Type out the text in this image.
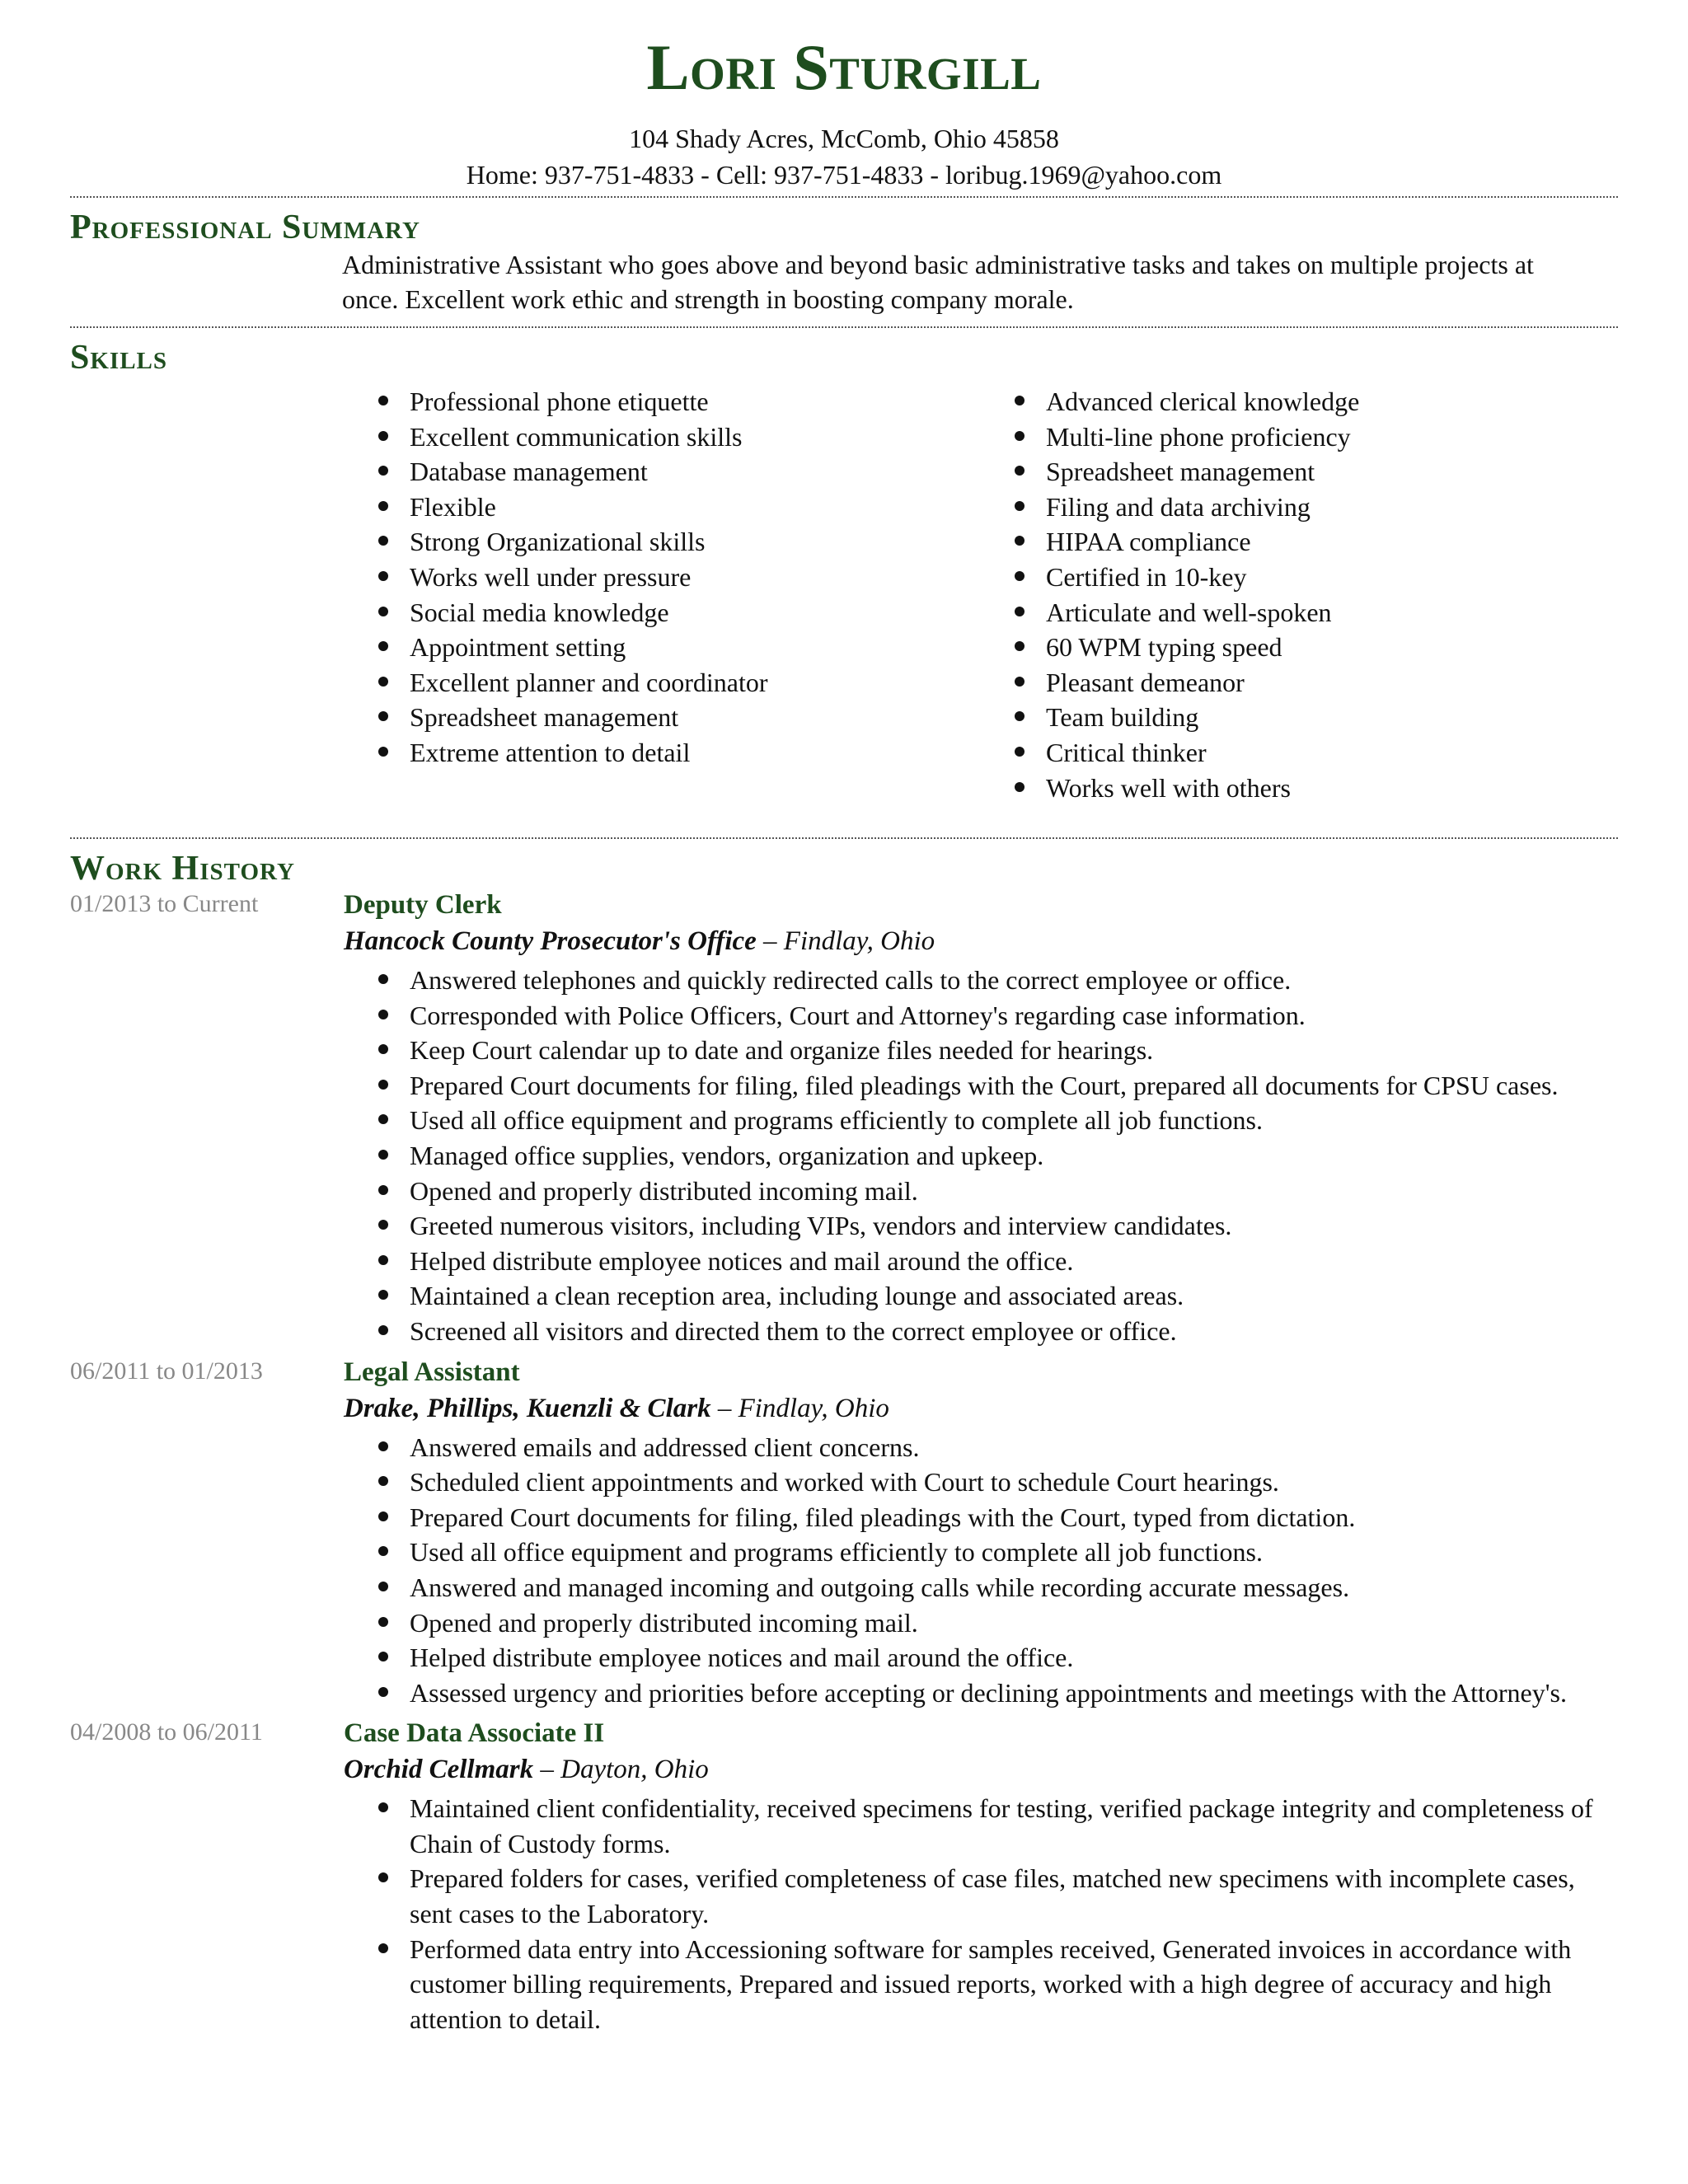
Lori Sturgill
104 Shady Acres, McComb, Ohio 45858
Home: 937-751-4833 - Cell: 937-751-4833 - loribug.1969@yahoo.com
Professional Summary
Administrative Assistant who goes above and beyond basic administrative tasks and takes on multiple projects at once. Excellent work ethic and strength in boosting company morale.
Skills
Professional phone etiquette
Excellent communication skills
Database management
Flexible
Strong Organizational skills
Works well under pressure
Social media knowledge
Appointment setting
Excellent planner and coordinator
Spreadsheet management
Extreme attention to detail
Advanced clerical knowledge
Multi-line phone proficiency
Spreadsheet management
Filing and data archiving
HIPAA compliance
Certified in 10-key
Articulate and well-spoken
60 WPM typing speed
Pleasant demeanor
Team building
Critical thinker
Works well with others
Work History
01/2013 to Current	Deputy Clerk
Hancock County Prosecutor's Office – Findlay, Ohio
Answered telephones and quickly redirected calls to the correct employee or office.
Corresponded with Police Officers, Court and Attorney's regarding case information.
Keep Court calendar up to date and organize files needed for hearings.
Prepared Court documents for filing, filed pleadings with the Court, prepared all documents for CPSU cases.
Used all office equipment and programs efficiently to complete all job functions.
Managed office supplies, vendors, organization and upkeep.
Opened and properly distributed incoming mail.
Greeted numerous visitors, including VIPs, vendors and interview candidates.
Helped distribute employee notices and mail around the office.
Maintained a clean reception area, including lounge and associated areas.
Screened all visitors and directed them to the correct employee or office.
06/2011 to 01/2013	Legal Assistant
Drake, Phillips, Kuenzli & Clark – Findlay, Ohio
Answered emails and addressed client concerns.
Scheduled client appointments and worked with Court to schedule Court hearings.
Prepared Court documents for filing, filed pleadings with the Court, typed from dictation.
Used all office equipment and programs efficiently to complete all job functions.
Answered and managed incoming and outgoing calls while recording accurate messages.
Opened and properly distributed incoming mail.
Helped distribute employee notices and mail around the office.
Assessed urgency and priorities before accepting or declining appointments and meetings with the Attorney's.
04/2008 to 06/2011	Case Data Associate II
Orchid Cellmark – Dayton, Ohio
Maintained client confidentiality, received specimens for testing, verified package integrity and completeness of Chain of Custody forms.
Prepared folders for cases, verified completeness of case files, matched new specimens with incomplete cases, sent cases to the Laboratory.
Performed data entry into Accessioning software for samples received, Generated invoices in accordance with customer billing requirements, Prepared and issued reports, worked with a high degree of accuracy and high attention to detail.
